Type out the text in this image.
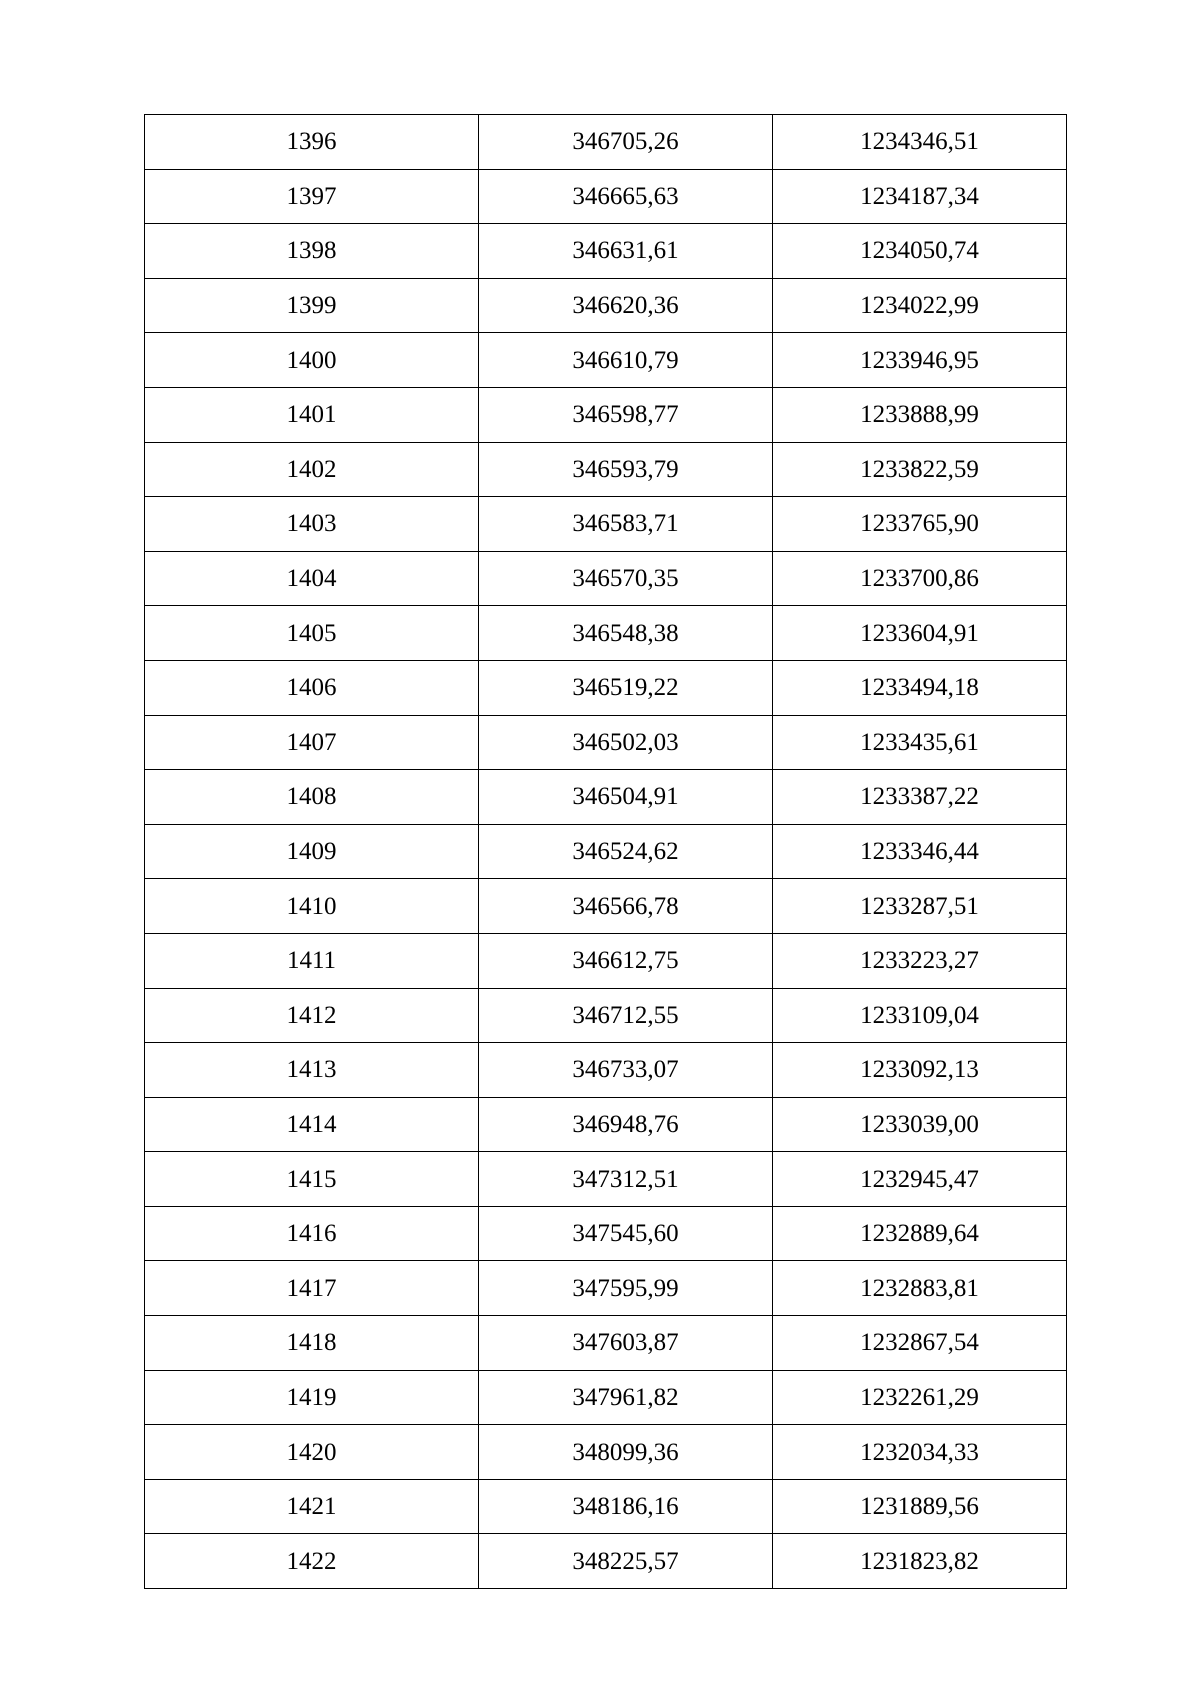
1396	346705,26	1234346,51
1397	346665,63	1234187,34
1398	346631,61	1234050,74
1399	346620,36	1234022,99
1400	346610,79	1233946,95
1401	346598,77	1233888,99
1402	346593,79	1233822,59
1403	346583,71	1233765,90
1404	346570,35	1233700,86
1405	346548,38	1233604,91
1406	346519,22	1233494,18
1407	346502,03	1233435,61
1408	346504,91	1233387,22
1409	346524,62	1233346,44
1410	346566,78	1233287,51
1411	346612,75	1233223,27
1412	346712,55	1233109,04
1413	346733,07	1233092,13
1414	346948,76	1233039,00
1415	347312,51	1232945,47
1416	347545,60	1232889,64
1417	347595,99	1232883,81
1418	347603,87	1232867,54
1419	347961,82	1232261,29
1420	348099,36	1232034,33
1421	348186,16	1231889,56
1422	348225,57	1231823,82
